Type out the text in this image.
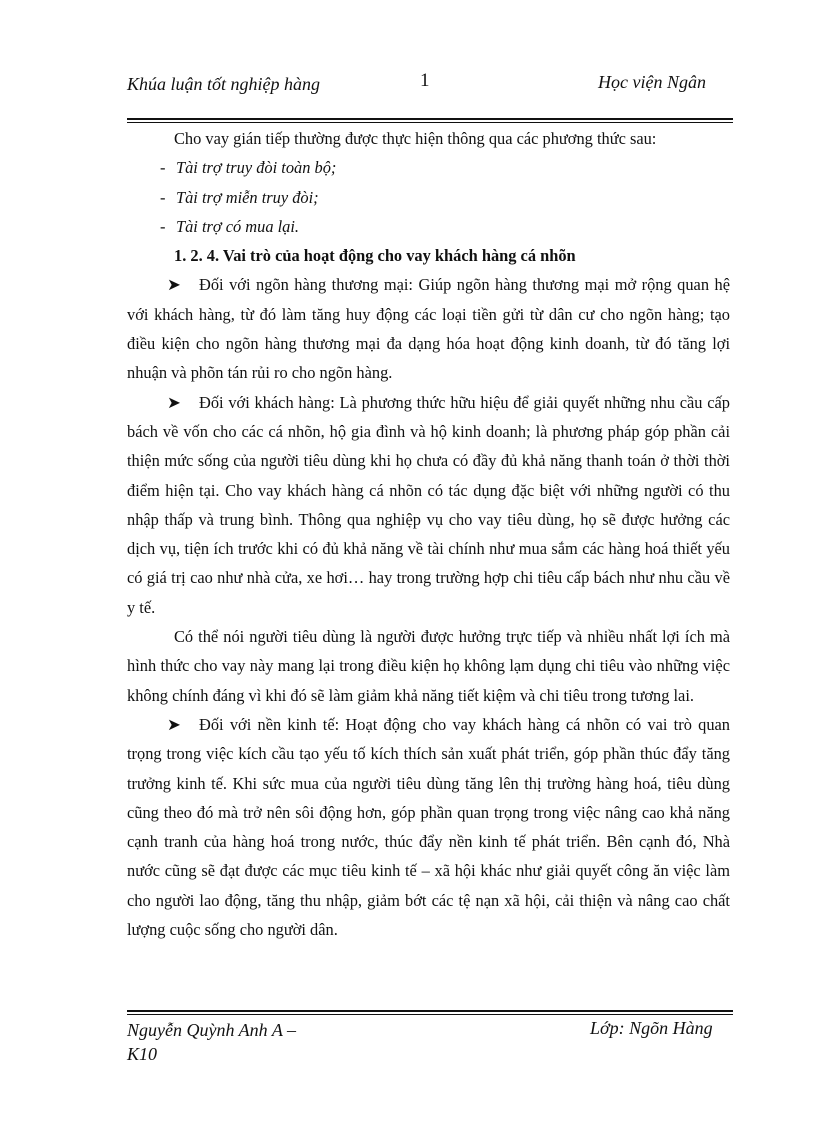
Khúa luận tốt nghiệp hàng	1	Học viện Ngân

Cho vay gián tiếp thường được thực hiện thông qua các phương thức sau:

- Tài trợ truy đòi toàn bộ;
- Tài trợ miễn truy đòi;
- Tài trợ có mua lại.

1. 2. 4. Vai trò của hoạt động cho vay khách hàng cá nhõn

➤ Đối với ngõn hàng thương mại: Giúp ngõn hàng thương mại mở rộng quan hệ với khách hàng, từ đó làm tăng huy động các loại tiền gửi từ dân cư cho ngõn hàng; tạo điều kiện cho ngõn hàng thương mại đa dạng hóa hoạt động kinh doanh, từ đó tăng lợi nhuận và phõn tán rủi ro cho ngõn hàng.

➤ Đối với khách hàng: Là phương thức hữu hiệu để giải quyết những nhu cầu cấp bách về vốn cho các cá nhõn, hộ gia đình và hộ kinh doanh; là phương pháp góp phần cải thiện mức sống của người tiêu dùng khi họ chưa có đầy đủ khả năng thanh toán ở thời thời điểm hiện tại. Cho vay khách hàng cá nhõn có tác dụng đặc biệt với những người có thu nhập thấp và trung bình. Thông qua nghiệp vụ cho vay tiêu dùng, họ sẽ được hưởng các dịch vụ, tiện ích trước khi có đủ khả năng về tài chính như mua sắm các hàng hoá thiết yếu có giá trị cao như nhà cửa, xe hơi… hay trong trường hợp chi tiêu cấp bách như nhu cầu về y tế.

Có thể nói người tiêu dùng là người được hưởng trực tiếp và nhiều nhất lợi ích mà hình thức cho vay này mang lại trong điều kiện họ không lạm dụng chi tiêu vào những việc không chính đáng vì khi đó sẽ làm giảm khả năng tiết kiệm và chi tiêu trong tương lai.

➤ Đối với nền kinh tế: Hoạt động cho vay khách hàng cá nhõn có vai trò quan trọng trong việc kích cầu tạo yếu tố kích thích sản xuất phát triển, góp phần thúc đẩy tăng trưởng kinh tế. Khi sức mua của người tiêu dùng tăng lên thị trường hàng hoá, tiêu dùng cũng theo đó mà trở nên sôi động hơn, góp phần quan trọng trong việc nâng cao khả năng cạnh tranh của hàng hoá trong nước, thúc đẩy nền kinh tế phát triển. Bên cạnh đó, Nhà nước cũng sẽ đạt được các mục tiêu kinh tế – xã hội khác như giải quyết công ăn việc làm cho người lao động, tăng thu nhập, giảm bớt các tệ nạn xã hội, cải thiện và nâng cao chất lượng cuộc sống cho người dân.

Nguyễn Quỳnh Anh A – K10
Lớp: Ngõn Hàng
